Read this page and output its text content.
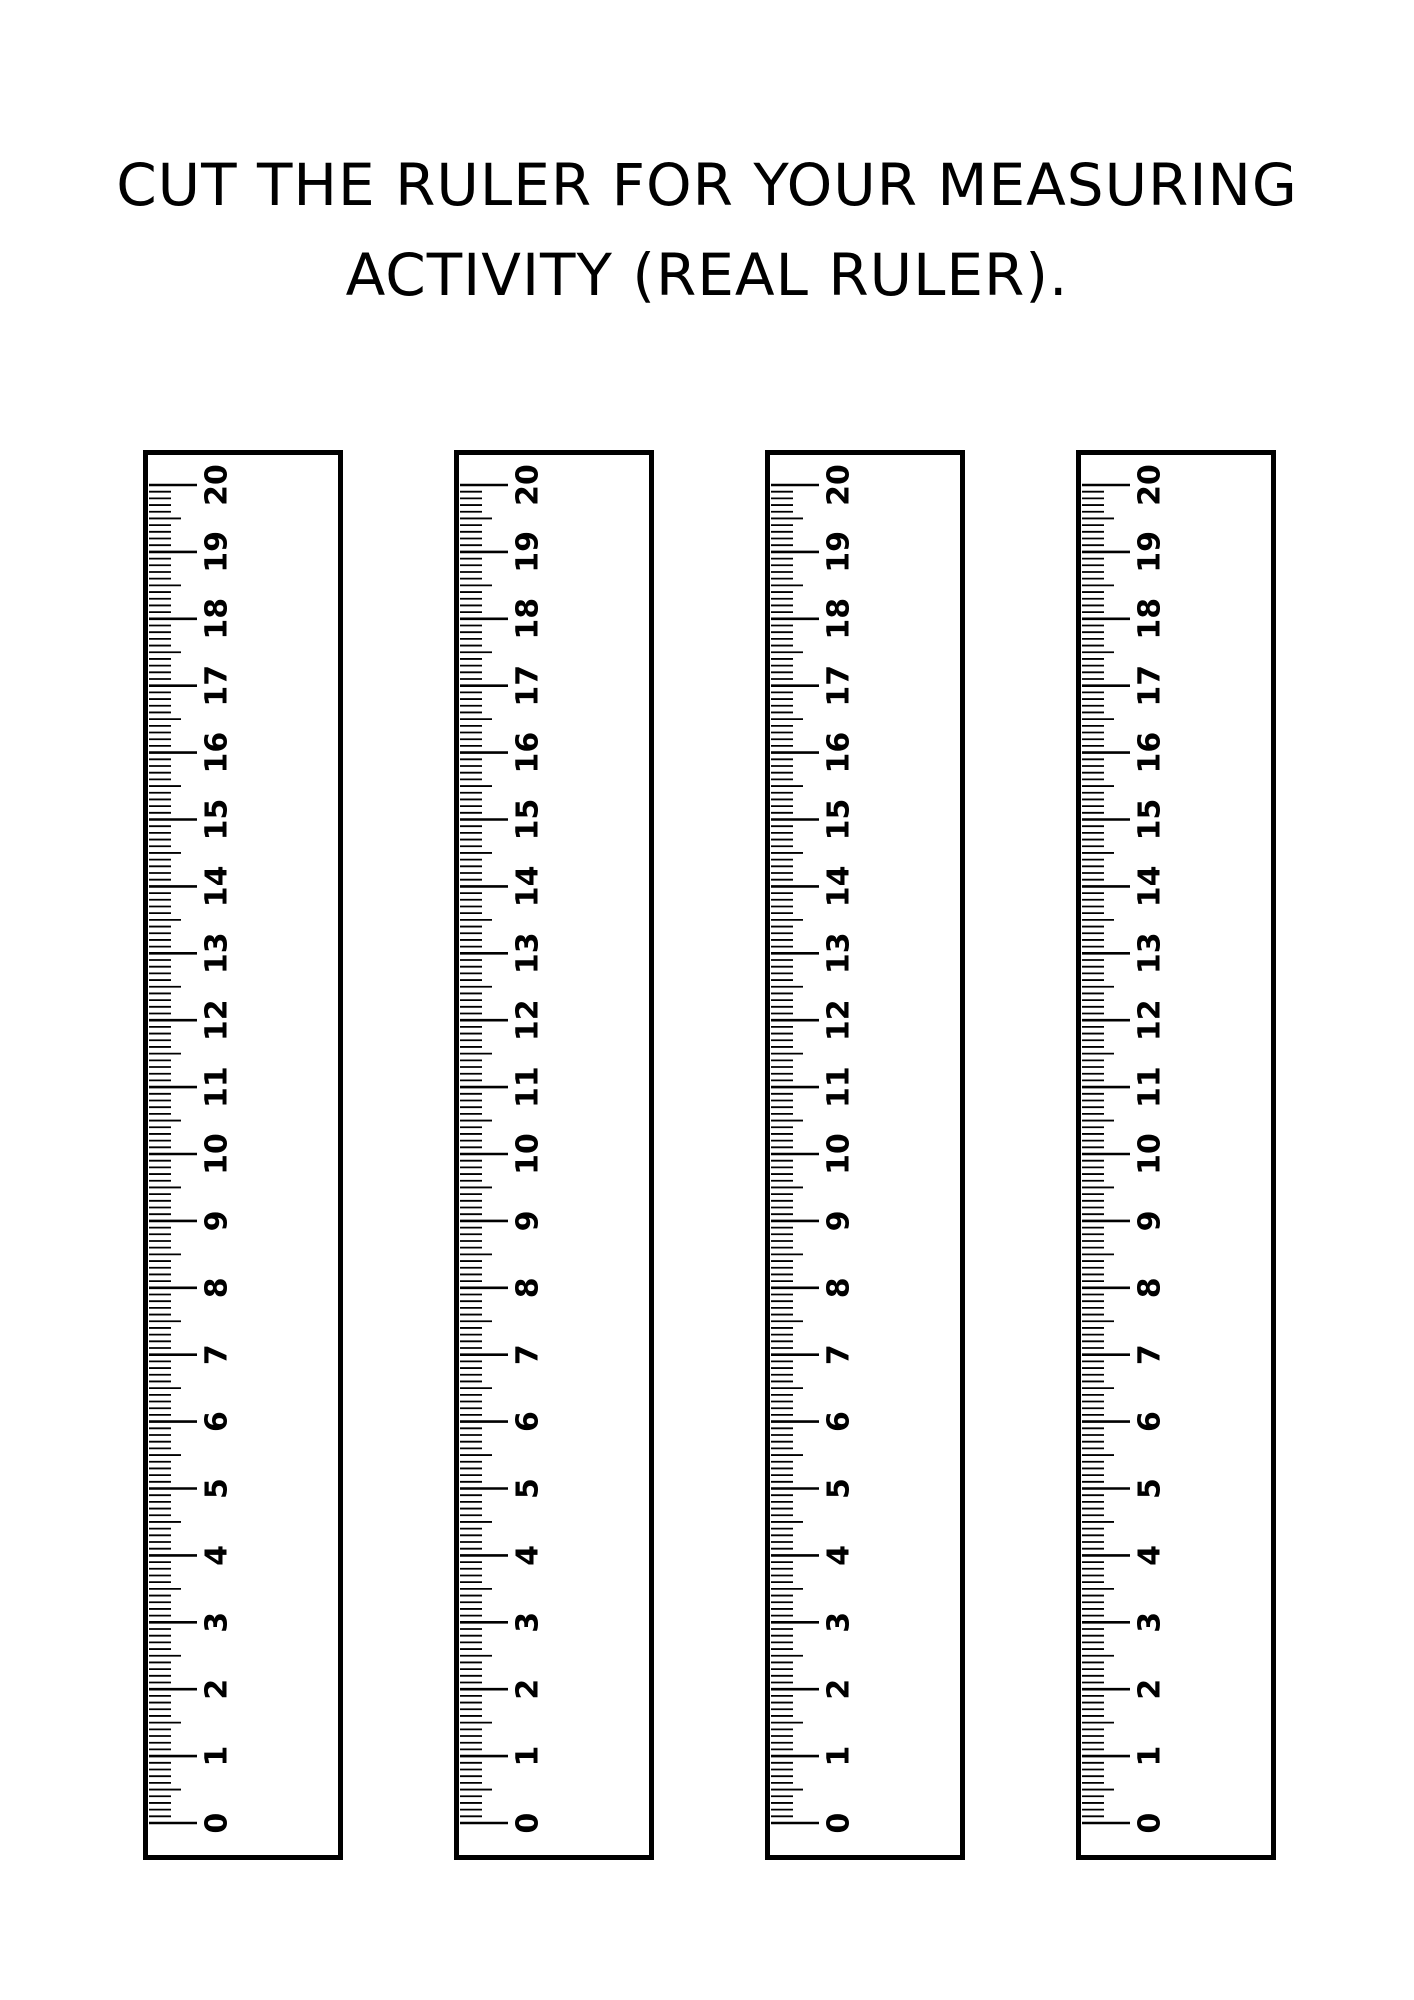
CUT THE RULER FOR YOUR MEASURING
ACTIVITY (REAL RULER).
0
1
2
3
4
5
6
7
8
9
10
11
12
13
14
15
16
17
18
19
20
0
1
2
3
4
5
6
7
8
9
10
11
12
13
14
15
16
17
18
19
20
0
1
2
3
4
5
6
7
8
9
10
11
12
13
14
15
16
17
18
19
20
0
1
2
3
4
5
6
7
8
9
10
11
12
13
14
15
16
17
18
19
20
